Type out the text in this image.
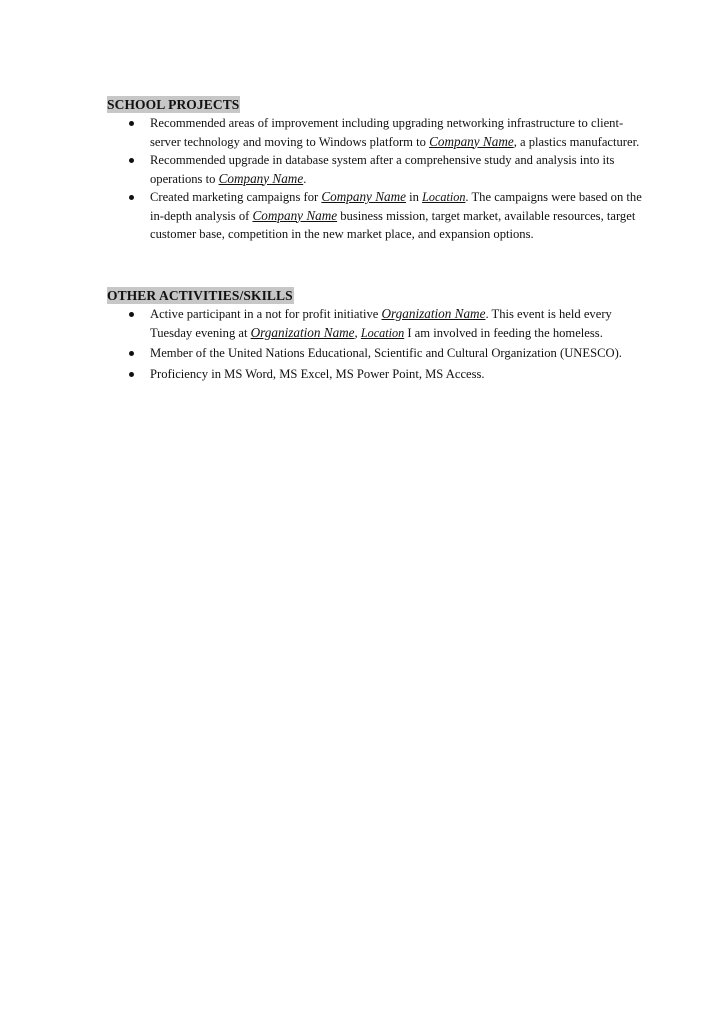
SCHOOL PROJECTS
Recommended areas of improvement including upgrading networking infrastructure to client-server technology and moving to Windows platform to Company Name, a plastics manufacturer.
Recommended upgrade in database system after a comprehensive study and analysis into its operations to Company Name.
Created marketing campaigns for Company Name in Location. The campaigns were based on the in-depth analysis of Company Name business mission, target market, available resources, target customer base, competition in the new market place, and expansion options.
OTHER ACTIVITIES/SKILLS
Active participant in a not for profit initiative Organization Name. This event is held every Tuesday evening at Organization Name, Location I am involved in feeding the homeless.
Member of the United Nations Educational, Scientific and Cultural Organization (UNESCO).
Proficiency in MS Word, MS Excel, MS Power Point, MS Access.
